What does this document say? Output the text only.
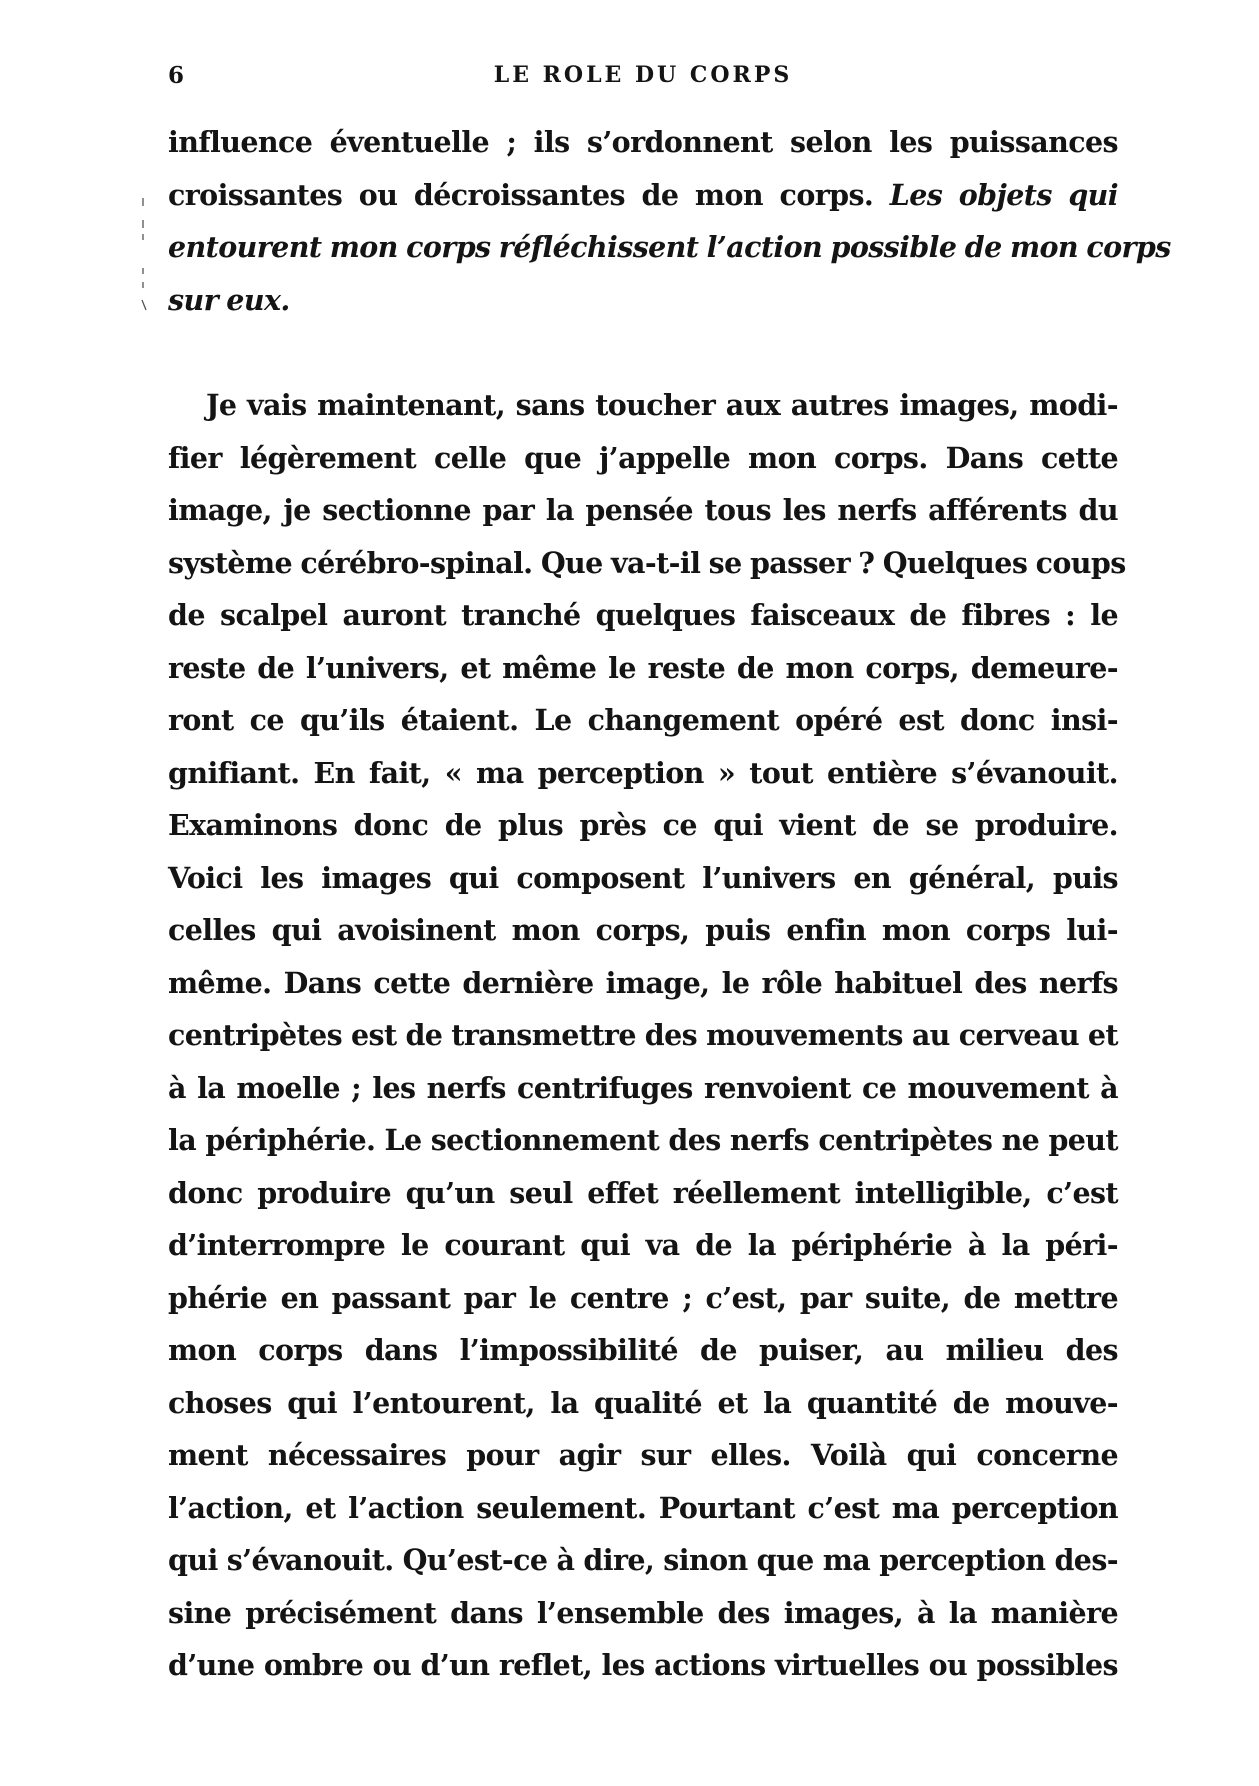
6	LE ROLE DU CORPS
influence éventuelle ; ils s’ordonnent selon les puissances
croissantes ou décroissantes de mon corps. Les objets qui
entourent mon corps réfléchissent l’action possible de mon corps
sur eux.
Je vais maintenant, sans toucher aux autres images, modi-
fier légèrement celle que j’appelle mon corps. Dans cette
image, je sectionne par la pensée tous les nerfs afférents du
système cérébro-spinal. Que va-t-il se passer ? Quelques coups
de scalpel auront tranché quelques faisceaux de fibres : le
reste de l’univers, et même le reste de mon corps, demeure-
ront ce qu’ils étaient. Le changement opéré est donc insi-
gnifiant. En fait, « ma perception » tout entière s’évanouit.
Examinons donc de plus près ce qui vient de se produire.
Voici les images qui composent l’univers en général, puis
celles qui avoisinent mon corps, puis enfin mon corps lui-
même. Dans cette dernière image, le rôle habituel des nerfs
centripètes est de transmettre des mouvements au cerveau et
à la moelle ; les nerfs centrifuges renvoient ce mouvement à
la périphérie. Le sectionnement des nerfs centripètes ne peut
donc produire qu’un seul effet réellement intelligible, c’est
d’interrompre le courant qui va de la périphérie à la péri-
phérie en passant par le centre ; c’est, par suite, de mettre
mon corps dans l’impossibilité de puiser, au milieu des
choses qui l’entourent, la qualité et la quantité de mouve-
ment nécessaires pour agir sur elles. Voilà qui concerne
l’action, et l’action seulement. Pourtant c’est ma perception
qui s’évanouit. Qu’est-ce à dire, sinon que ma perception des-
sine précisément dans l’ensemble des images, à la manière
d’une ombre ou d’un reflet, les actions virtuelles ou possibles
